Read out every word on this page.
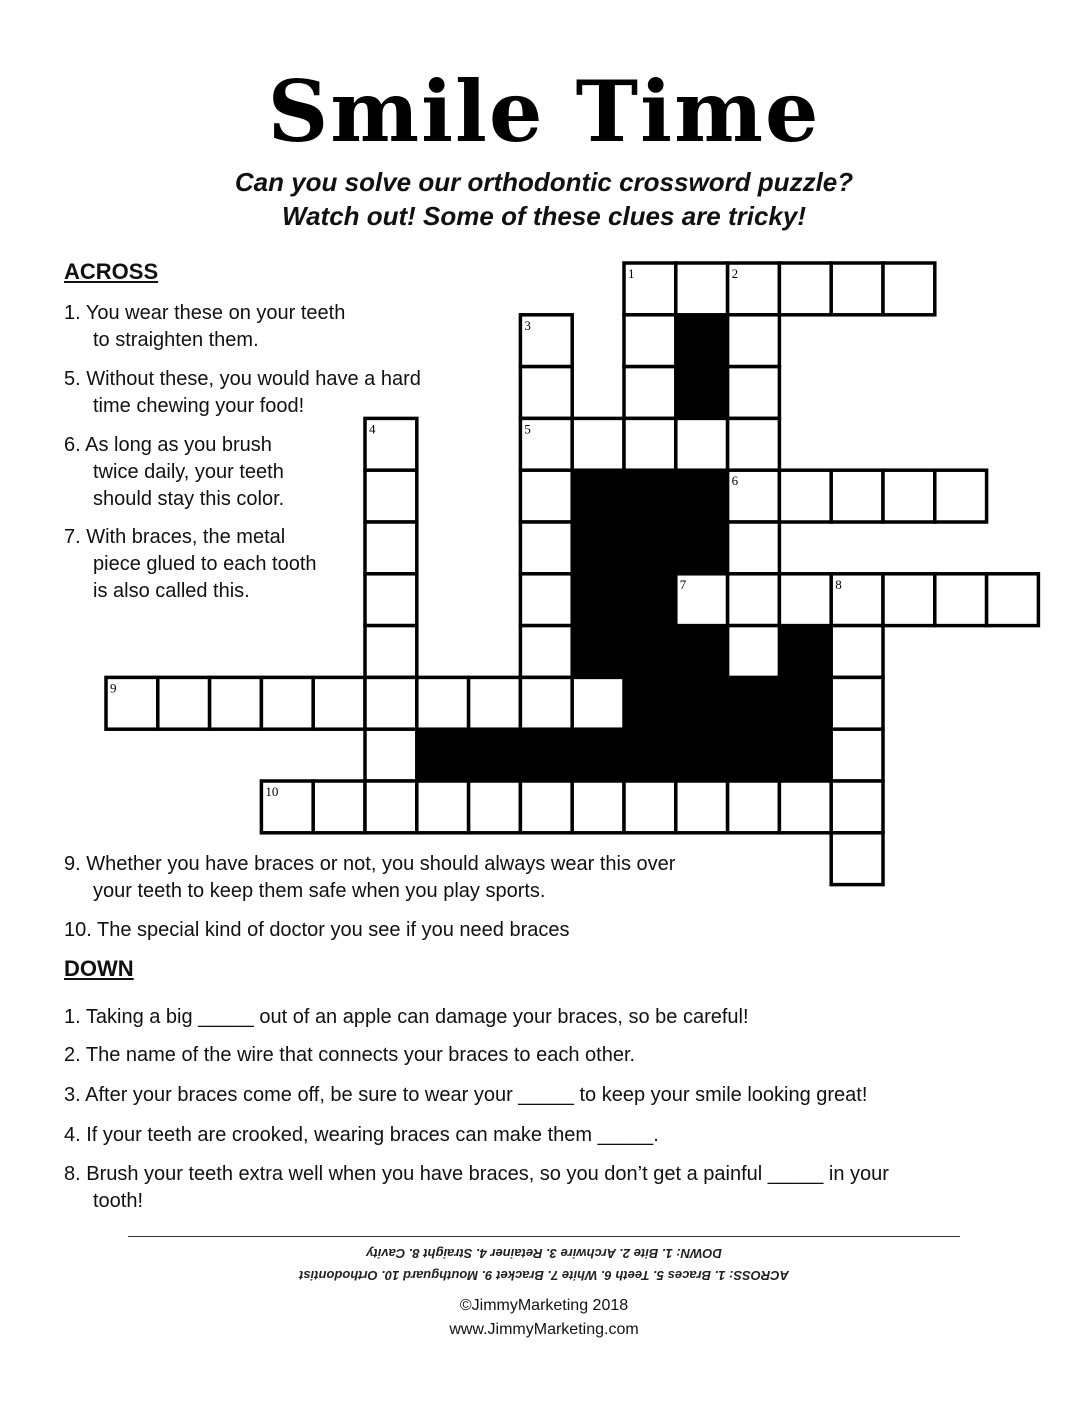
Smile Time
Can you solve our orthodontic crossword puzzle?
Watch out! Some of these clues are tricky!
ACROSS
1. You wear these on your teeth
to straighten them.
5. Without these, you would have a hard
time chewing your food!
6. As long as you brush
twice daily, your teeth
should stay this color.
7. With braces, the metal
piece glued to each tooth
is also called this.
1	2
3
4	5
6
7	8
9
10
9. Whether you have braces or not, you should always wear this over
your teeth to keep them safe when you play sports.
10. The special kind of doctor you see if you need braces
DOWN
1. Taking a big _____ out of an apple can damage your braces, so be careful!
2. The name of the wire that connects your braces to each other.
3. After your braces come off, be sure to wear your _____ to keep your smile looking great!
4. If your teeth are crooked, wearing braces can make them _____.
8. Brush your teeth extra well when you have braces, so you don’t get a painful _____ in your
tooth!
DOWN: 1. Bite 2. Archwire 3. Retainer 4. Straight 8. Cavity
ACROSS: 1. Braces 5. Teeth 6. White 7. Bracket 9. Mouthguard 10. Orthodontist
©JimmyMarketing 2018
www.JimmyMarketing.com
